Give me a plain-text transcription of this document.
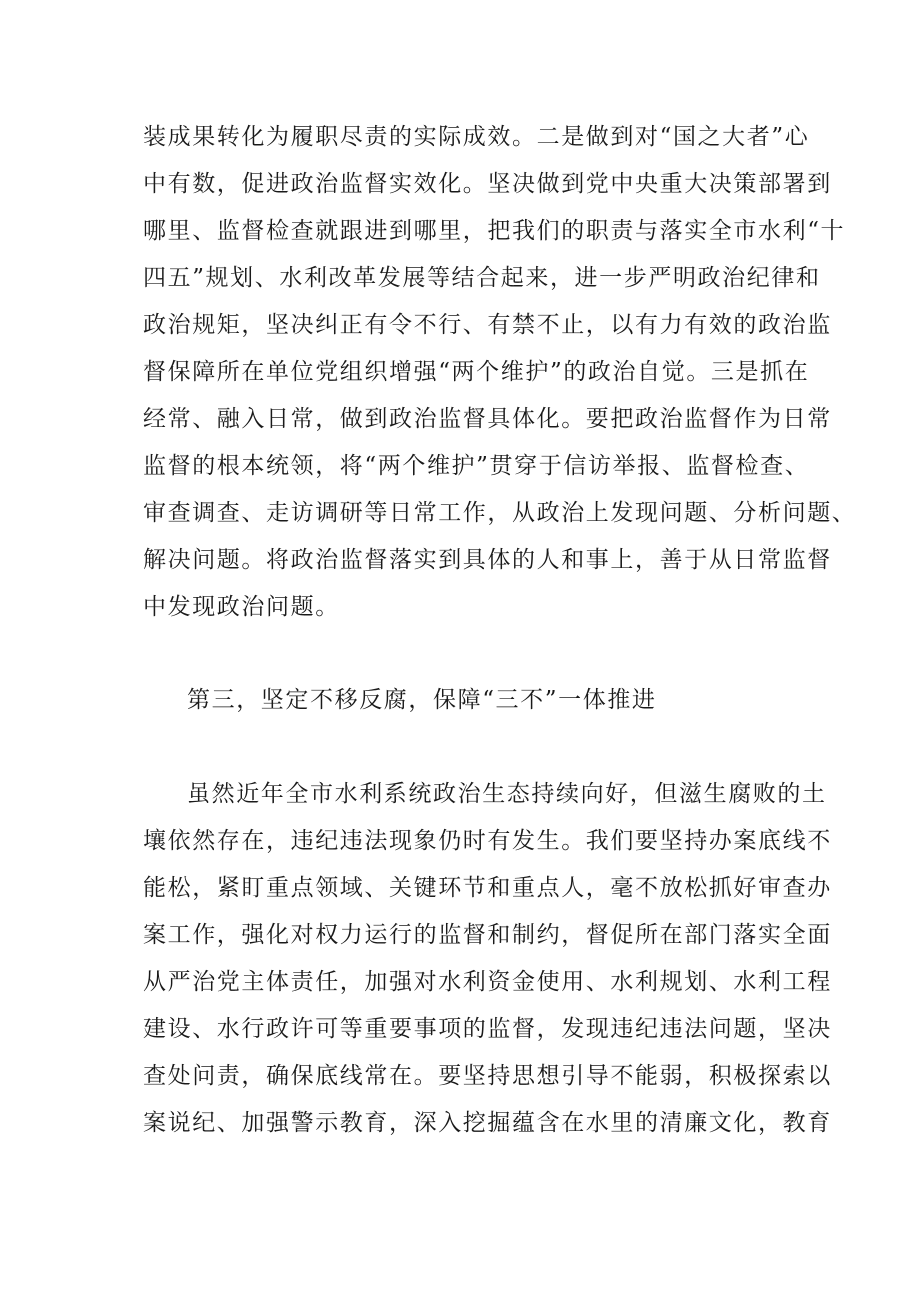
装成果转化为履职尽责的实际成效。二是做到对“国之大者”心
中有数，促进政治监督实效化。坚决做到党中央重大决策部署到
哪里、监督检查就跟进到哪里，把我们的职责与落实全市水利“十
四五”规划、水利改革发展等结合起来，进一步严明政治纪律和
政治规矩，坚决纠正有令不行、有禁不止，以有力有效的政治监
督保障所在单位党组织增强“两个维护”的政治自觉。三是抓在
经常、融入日常，做到政治监督具体化。要把政治监督作为日常
监督的根本统领，将“两个维护”贯穿于信访举报、监督检查、
审查调查、走访调研等日常工作，从政治上发现问题、分析问题、
解决问题。将政治监督落实到具体的人和事上，善于从日常监督
中发现政治问题。
第三，坚定不移反腐，保障“三不”一体推进
虽然近年全市水利系统政治生态持续向好，但滋生腐败的土
壤依然存在，违纪违法现象仍时有发生。我们要坚持办案底线不
能松，紧盯重点领域、关键环节和重点人，毫不放松抓好审查办
案工作，强化对权力运行的监督和制约，督促所在部门落实全面
从严治党主体责任，加强对水利资金使用、水利规划、水利工程
建设、水行政许可等重要事项的监督，发现违纪违法问题，坚决
查处问责，确保底线常在。要坚持思想引导不能弱，积极探索以
案说纪、加强警示教育，深入挖掘蕴含在水里的清廉文化，教育
